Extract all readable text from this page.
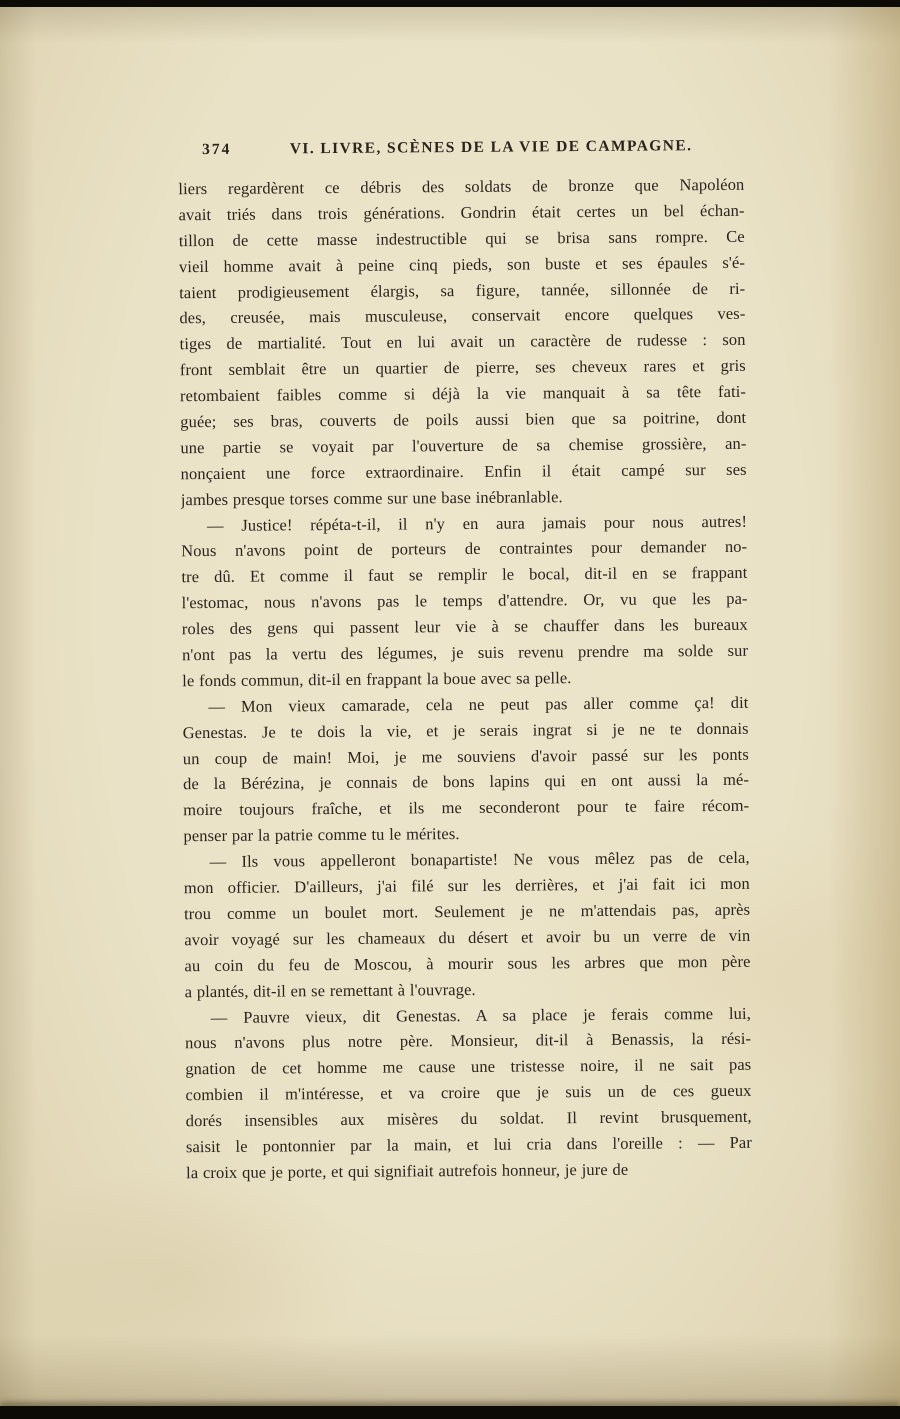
374	VI. LIVRE, SCÈNES DE LA VIE DE CAMPAGNE.
liers regardèrent ce débris des soldats de bronze que Napoléon
avait triés dans trois générations. Gondrin était certes un bel échan-
tillon de cette masse indestructible qui se brisa sans rompre. Ce
vieil homme avait à peine cinq pieds, son buste et ses épaules s'é-
taient prodigieusement élargis, sa figure, tannée, sillonnée de ri-
des, creusée, mais musculeuse, conservait encore quelques ves-
tiges de martialité. Tout en lui avait un caractère de rudesse : son
front semblait être un quartier de pierre, ses cheveux rares et gris
retombaient faibles comme si déjà la vie manquait à sa tête fati-
guée; ses bras, couverts de poils aussi bien que sa poitrine, dont
une partie se voyait par l'ouverture de sa chemise grossière, an-
nonçaient une force extraordinaire. Enfin il était campé sur ses
jambes presque torses comme sur une base inébranlable.
— Justice! répéta-t-il, il n'y en aura jamais pour nous autres!
Nous n'avons point de porteurs de contraintes pour demander no-
tre dû. Et comme il faut se remplir le bocal, dit-il en se frappant
l'estomac, nous n'avons pas le temps d'attendre. Or, vu que les pa-
roles des gens qui passent leur vie à se chauffer dans les bureaux
n'ont pas la vertu des légumes, je suis revenu prendre ma solde sur
le fonds commun, dit-il en frappant la boue avec sa pelle.
— Mon vieux camarade, cela ne peut pas aller comme ça! dit
Genestas. Je te dois la vie, et je serais ingrat si je ne te donnais
un coup de main! Moi, je me souviens d'avoir passé sur les ponts
de la Bérézina, je connais de bons lapins qui en ont aussi la mé-
moire toujours fraîche, et ils me seconderont pour te faire récom-
penser par la patrie comme tu le mérites.
— Ils vous appelleront bonapartiste! Ne vous mêlez pas de cela,
mon officier. D'ailleurs, j'ai filé sur les derrières, et j'ai fait ici mon
trou comme un boulet mort. Seulement je ne m'attendais pas, après
avoir voyagé sur les chameaux du désert et avoir bu un verre de vin
au coin du feu de Moscou, à mourir sous les arbres que mon père
a plantés, dit-il en se remettant à l'ouvrage.
— Pauvre vieux, dit Genestas. A sa place je ferais comme lui,
nous n'avons plus notre père. Monsieur, dit-il à Benassis, la rési-
gnation de cet homme me cause une tristesse noire, il ne sait pas
combien il m'intéresse, et va croire que je suis un de ces gueux
dorés insensibles aux misères du soldat. Il revint brusquement,
saisit le pontonnier par la main, et lui cria dans l'oreille : — Par
la croix que je porte, et qui signifiait autrefois honneur, je jure de
